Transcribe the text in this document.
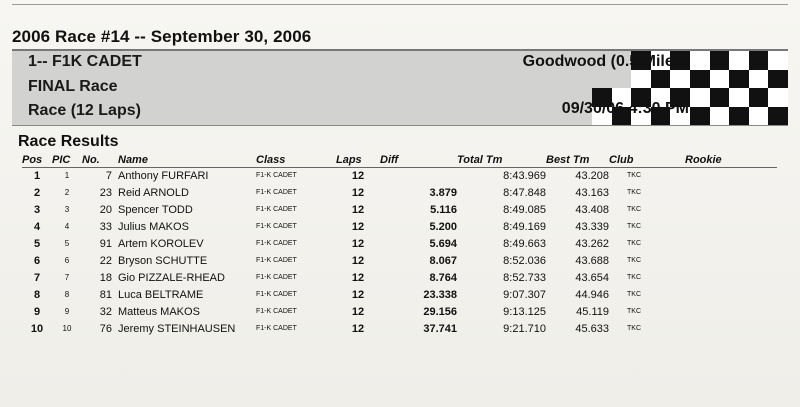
2006 Race #14 -- September 30, 2006
1-- F1K CADET
FINAL Race
Race (12 Laps)
Goodwood (0.5 Miles)
09/30/06 4:30 PM
Race Results
Pos	PIC	No.	Name	Class	Laps	Diff	Total Tm	Best Tm	Club	Rookie
1	1	7	Anthony FURFARI	F1-K CADET	12		8:43.969	43.208	TKC	
2	2	23	Reid ARNOLD	F1-K CADET	12	3.879	8:47.848	43.163	TKC	
3	3	20	Spencer TODD	F1-K CADET	12	5.116	8:49.085	43.408	TKC	
4	4	33	Julius MAKOS	F1-K CADET	12	5.200	8:49.169	43.339	TKC	
5	5	91	Artem KOROLEV	F1-K CADET	12	5.694	8:49.663	43.262	TKC	
6	6	22	Bryson SCHUTTE	F1-K CADET	12	8.067	8:52.036	43.688	TKC	
7	7	18	Gio PIZZALE-RHEAD	F1-K CADET	12	8.764	8:52.733	43.654	TKC	
8	8	81	Luca BELTRAME	F1-K CADET	12	23.338	9:07.307	44.946	TKC	
9	9	32	Matteus MAKOS	F1-K CADET	12	29.156	9:13.125	45.119	TKC	
10	10	76	Jeremy STEINHAUSEN	F1-K CADET	12	37.741	9:21.710	45.633	TKC	
